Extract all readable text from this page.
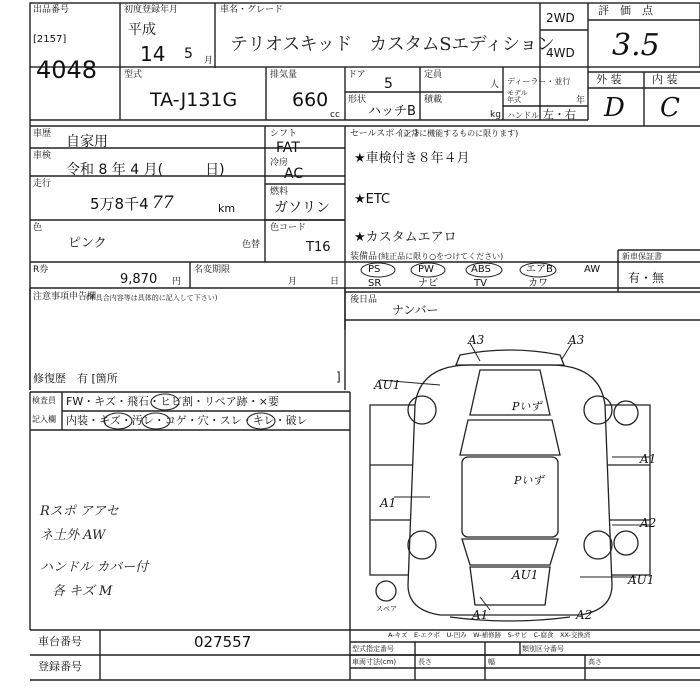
出品番号
[2157]
4048
初度登録年月
平成
14 5 月
車名・グレード
テリオスキッド　カスタムSエディション
2WD
4WD
評　価　点
3.5
外 装	内 装
D C
型式
TA-J131G
排気量
660
cc
ドア
5
定員
人
形状
ハッチB
積載
kg
ディーラー・並行
モデル年式	年
ハンドル 左・右
車歴 自家用
車検
令和 8 年 4 月(　　　日)
走行
5万8千4 77	km
色
ピンク	色替
シフト
FAT
冷房
AC
燃料
ガソリン
色コード
T16
R券
9,870 円
名変期限
月	日
注意事項申告欄
(不具合内容等は具体的に記入して下さい)
修復歴　有 [箇所	]
セールスポイント
(正常に機能するものに限ります)
★車検付き８年４月
★ETC
★カスタムエアロ
装備品 (純正品に限り○をつけてください)	新車保証書
有・無
PS	PW	ABS	エアB	AW
SR	ナビ	TV	カワ
後日品
ナンバー
検査員
記入欄
FW・キズ・飛石・ヒビ割・リペア跡・×要
内装・キズ・汚レ・コゲ・穴・スレ・キレ・破レ
Rスポ アアセ
ネ土外 AW
ハンドル カバー付
各 キズ M
A3	A3
AU1
A1
A1
A2
AU1	AU1
A1	A2
Pいず
Pいず
スペア
A-キズ　E-エクボ　U-凹み　W-補修跡　S-サビ　C-腐食　XX-交換済
車台番号	027557
登録番号
型式指定番号	類別区分番号
車両寸法(cm)	長さ	幅	高さ
